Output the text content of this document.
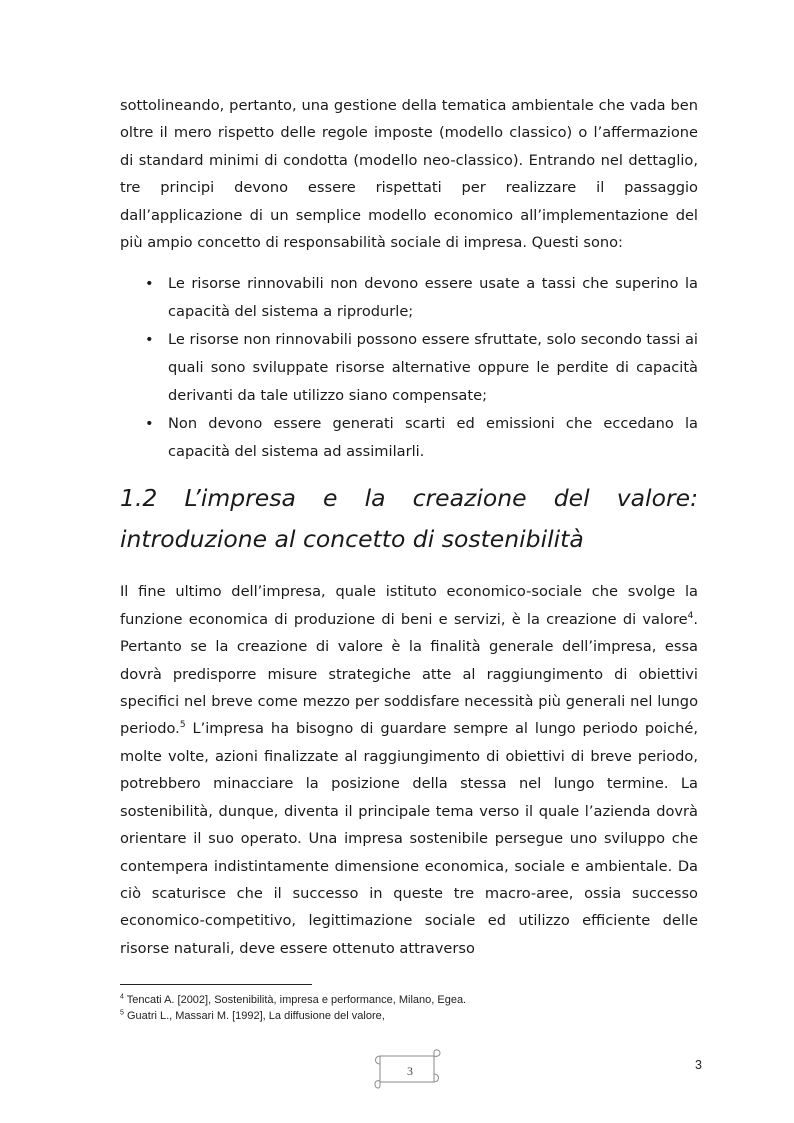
sottolineando, pertanto, una gestione della tematica ambientale che vada ben oltre il mero rispetto delle regole imposte (modello classico) o l’affermazione di standard minimi di condotta (modello neo-classico). Entrando nel dettaglio, tre principi devono essere rispettati per realizzare il passaggio dall’applicazione di un semplice modello economico all’implementazione del più ampio concetto di responsabilità sociale di impresa. Questi sono:

• Le risorse rinnovabili non devono essere usate a tassi che superino la capacità del sistema a riprodurle;
• Le risorse non rinnovabili possono essere sfruttate, solo secondo tassi ai quali sono sviluppate risorse alternative oppure le perdite di capacità derivanti da tale utilizzo siano compensate;
• Non devono essere generati scarti ed emissioni che eccedano la capacità del sistema ad assimilarli.
1.2 L’impresa e la creazione del valore: introduzione al concetto di sostenibilità

Il fine ultimo dell’impresa, quale istituto economico-sociale che svolge la funzione economica di produzione di beni e servizi, è la creazione di valore$^4$. Pertanto se la creazione di valore è la finalità generale dell’impresa, essa dovrà predisporre misure strategiche atte al raggiungimento di obiettivi specifici nel breve come mezzo per soddisfare necessità più generali nel lungo periodo.$^5$ L’impresa ha bisogno di guardare sempre al lungo periodo poiché, molte volte, azioni finalizzate al raggiungimento di obiettivi di breve periodo, potrebbero minacciare la posizione della stessa nel lungo termine. La sostenibilità, dunque, diventa il principale tema verso il quale l’azienda dovrà orientare il suo operato. Una impresa sostenibile persegue uno sviluppo che contempera indistintamente dimensione economica, sociale e ambientale. Da ciò scaturisce che il successo in queste tre macro-aree, ossia successo economico-competitivo, legittimazione sociale ed utilizzo efficiente delle risorse naturali, deve essere ottenuto attraverso

$^4$ Tencati A. [2002], Sostenibilità, impresa e performance, Milano, Egea.

$^5$ Guatri L., Massari M. [1992], La diffusione del valore,

3	3
